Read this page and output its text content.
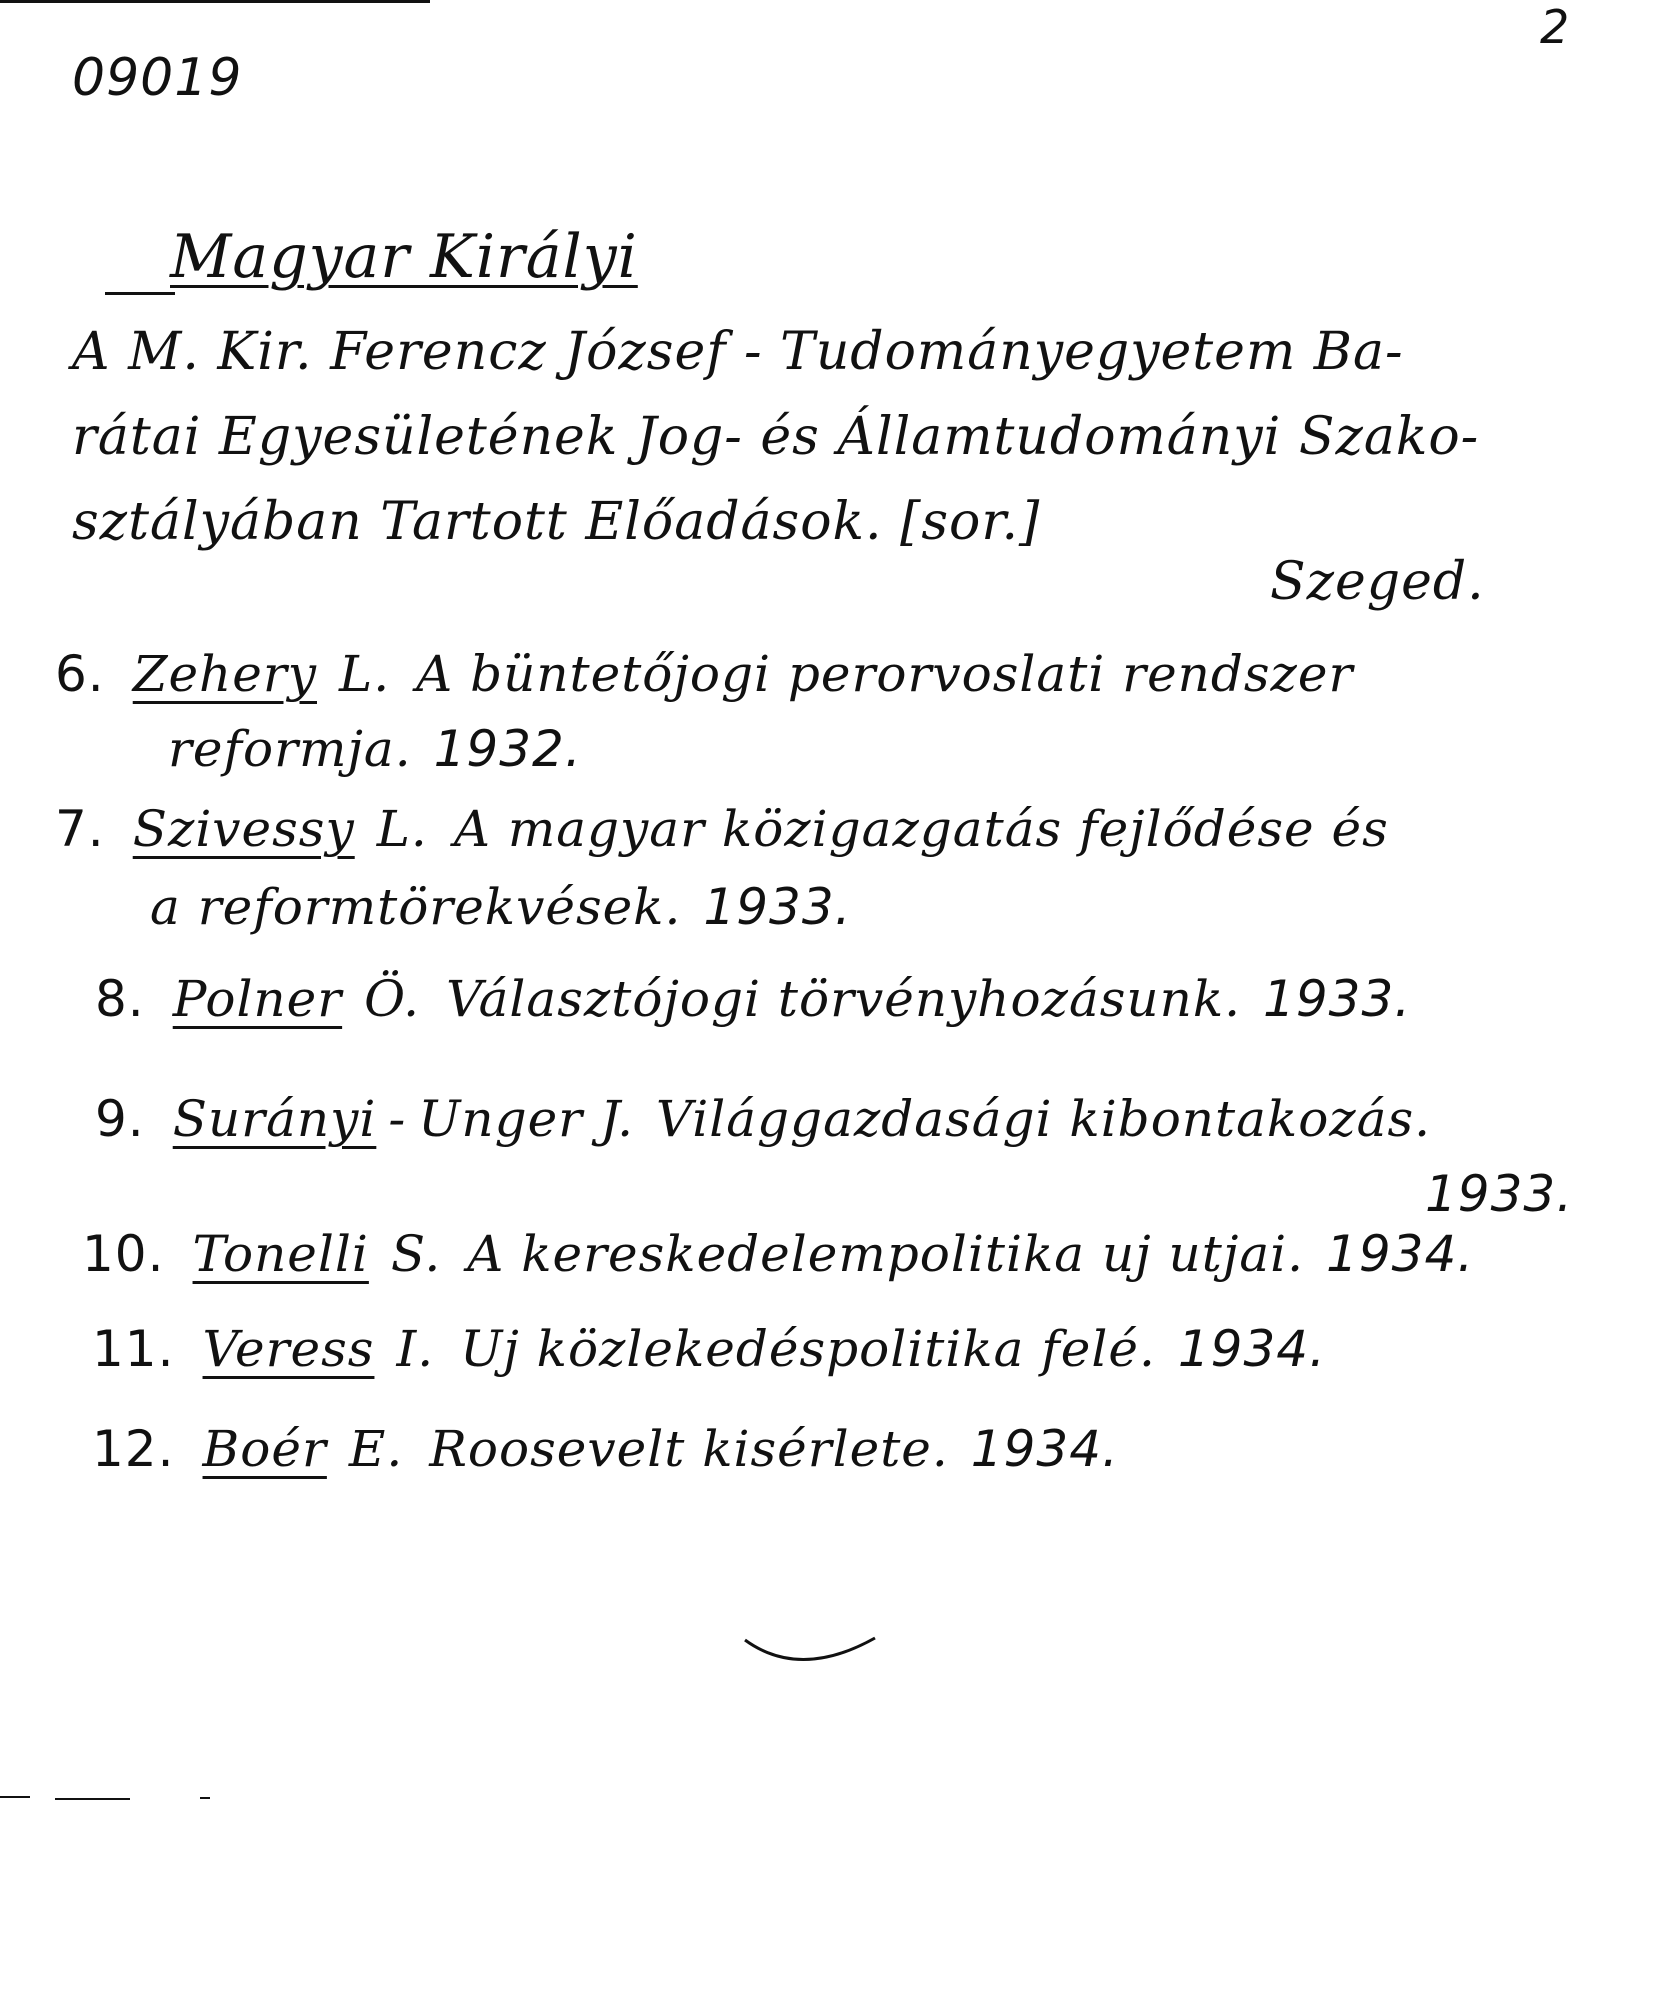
09019
2
Magyar Királyi
A M. Kir. Ferencz József - Tudományegyetem Ba-
rátai Egyesületének Jog- és Államtudományi Szako-
sztályában Tartott Előadások. [sor.]
Szeged.
6. Zehery L. A büntetőjogi perorvoslati rendszer
reformja. 1932.
7. Szivessy L. A magyar közigazgatás fejlődése és
a reformtörekvések. 1933.
8. Polner Ö. Választójogi törvényhozásunk. 1933.
9. Surányi - Unger J. Világgazdasági kibontakozás.
1933.
10. Tonelli S. A kereskedelempolitika uj utjai. 1934.
11. Veress I. Uj közlekedéspolitika felé. 1934.
12. Boér E. Roosevelt kisérlete. 1934.
